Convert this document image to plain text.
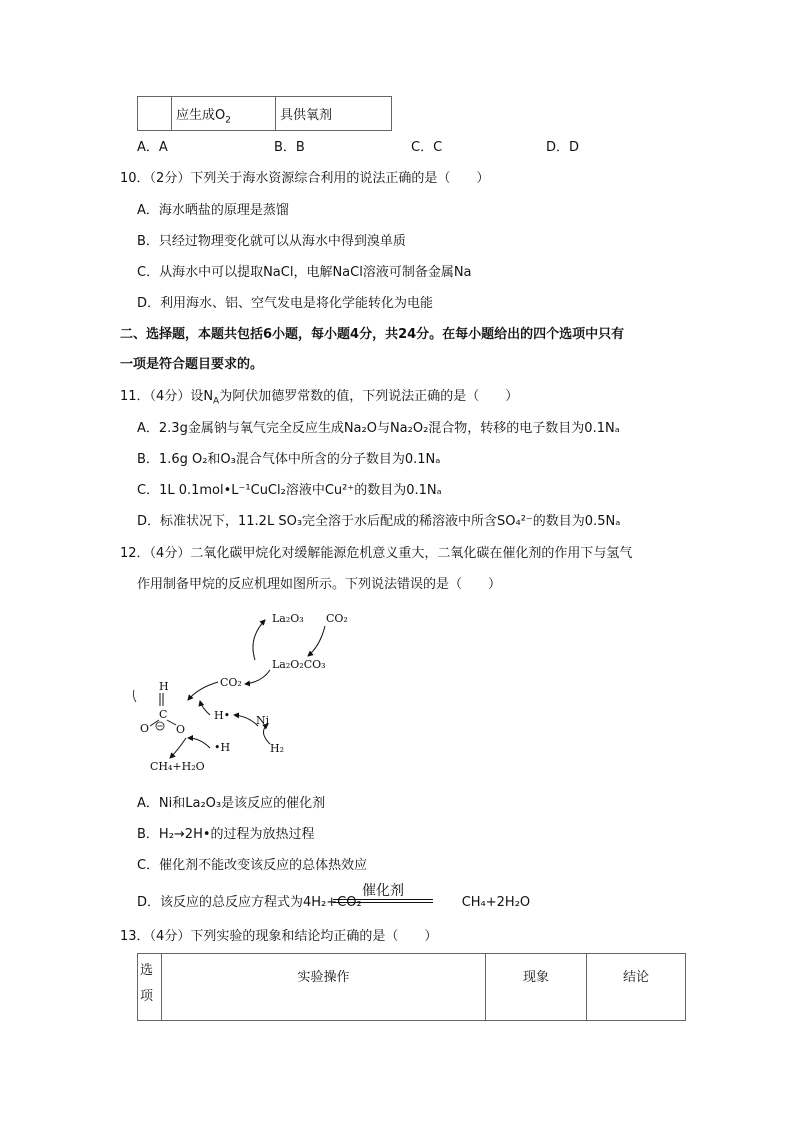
	应生成$O_2$	具供氧剂
A．A	B．B	C．C	D．D
10．（2分）下列关于海水资源综合利用的说法正确的是（　　）
A．海水晒盐的原理是蒸馏
B．只经过物理变化就可以从海水中得到溴单质
C．从海水中可以提取NaCl，电解NaCl溶液可制备金属Na
D．利用海水、铝、空气发电是将化学能转化为电能
二、选择题，本题共包括6小题，每小题4分，共24分。在每小题给出的四个选项中只有
一项是符合题目要求的。
11．（4分）设$N_A$为阿伏加德罗常数的值，下列说法正确的是（　　）
A．2.3g金属钠与氧气完全反应生成Na₂O与Na₂O₂混合物，转移的电子数目为0.1Nₐ
B．1.6g O₂和O₃混合气体中所含的分子数目为0.1Nₐ
C．1L 0.1mol•L⁻¹CuCl₂溶液中Cu²⁺的数目为0.1Nₐ
D．标准状况下，11.2L SO₃完全溶于水后配成的稀溶液中所含SO₄²⁻的数目为0.5Nₐ
12．（4分）二氧化碳甲烷化对缓解能源危机意义重大，二氧化碳在催化剂的作用下与氢气
作用制备甲烷的反应机理如图所示。下列说法错误的是（　　）
La₂O₃ CO₂
La₂O₂CO₃
CO₂
H
C
O O
H• Ni
•H	H₂
CH₄+H₂O
A．Ni和La₂O₃是该反应的催化剂
B．H₂→2H•的过程为放热过程
C．催化剂不能改变该反应的总体热效应
D．该反应的总反应方程式为4H₂+CO₂	CH₄+2H₂O
催化剂
13．（4分）下列实验的现象和结论均正确的是（　　）
选项	实验操作	现象	结论
